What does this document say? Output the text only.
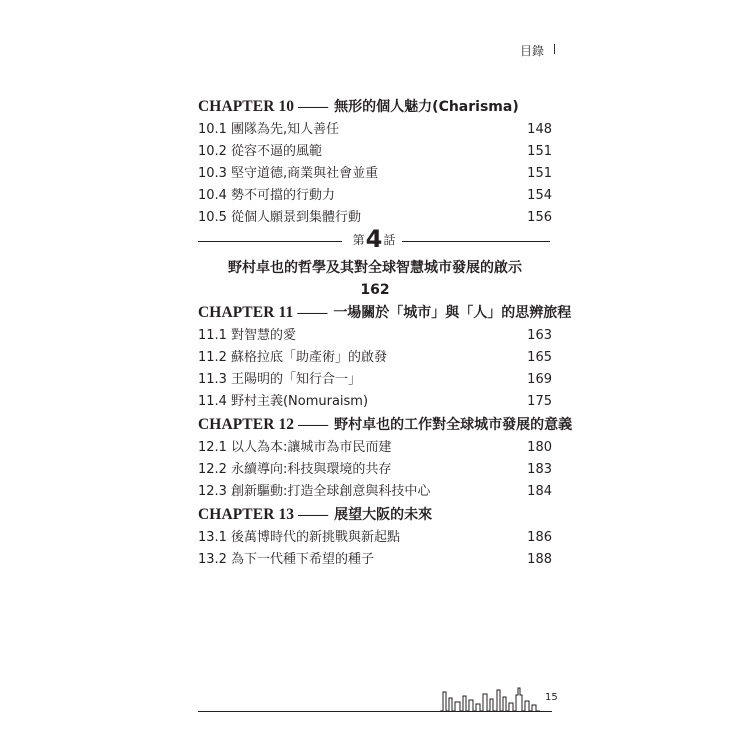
目錄
CHAPTER 10 —— 無形的個人魅力(Charisma)
10.1 團隊為先,知人善任	148
10.2 從容不逼的風範	151
10.3 堅守道德,商業與社會並重	151
10.4 勢不可擋的行動力	154
10.5 從個人願景到集體行動	156
第4話
野村卓也的哲學及其對全球智慧城市發展的啟示
162
CHAPTER 11 —— 一場關於「城市」與「人」的思辨旅程
11.1 對智慧的愛	163
11.2 蘇格拉底「助產術」的啟發	165
11.3 王陽明的「知行合一」	169
11.4 野村主義(Nomuraism)	175
CHAPTER 12 —— 野村卓也的工作對全球城市發展的意義
12.1 以人為本:讓城市為市民而建	180
12.2 永續導向:科技與環境的共存	183
12.3 創新驅動:打造全球創意與科技中心	184
CHAPTER 13 —— 展望大阪的未來
13.1 後萬博時代的新挑戰與新起點	186
13.2 為下一代種下希望的種子	188
15
